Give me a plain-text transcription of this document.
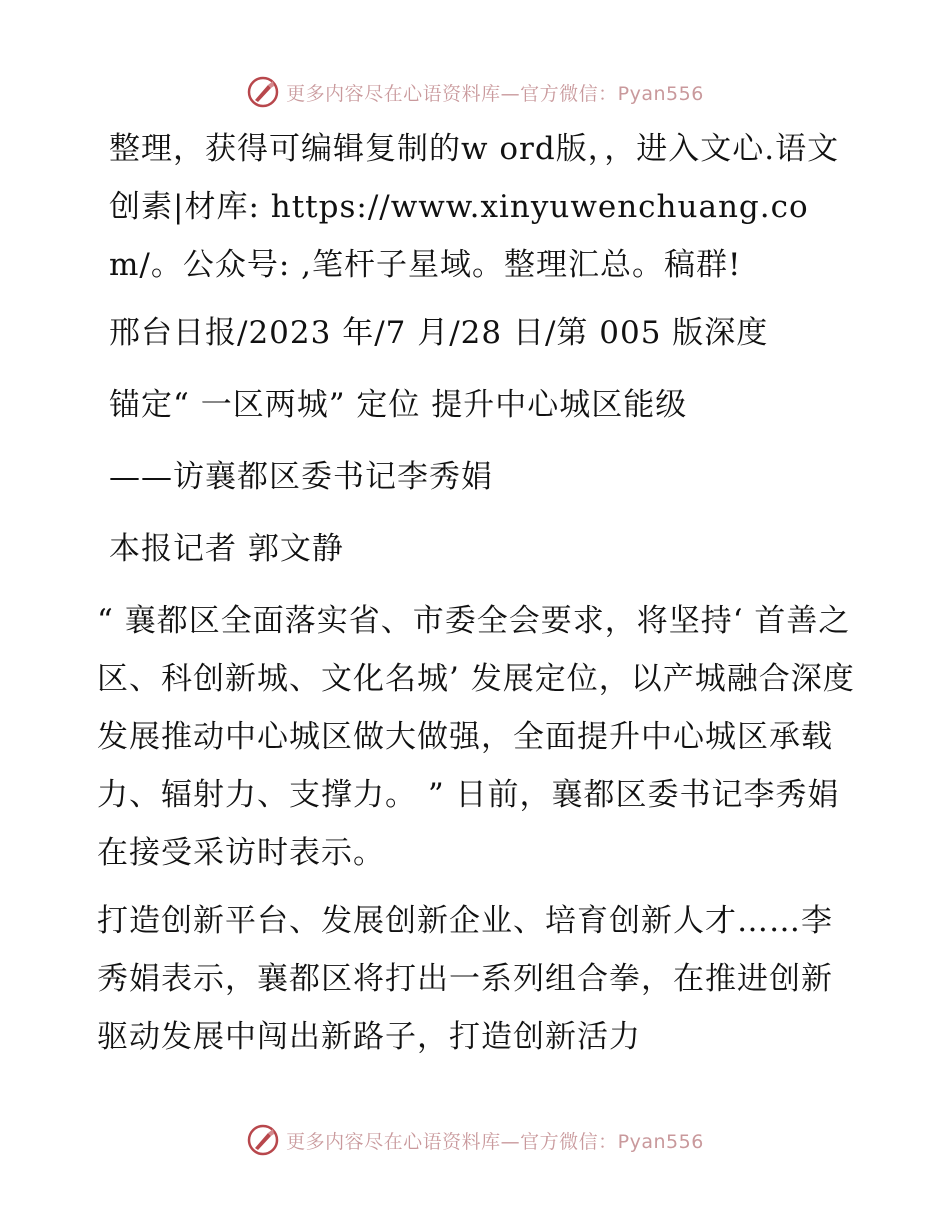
更多内容尽在心语资料库—官方微信：Pyan556

整理，获得可编辑复制的w ord版，，进入文心.语文创素|材库: https://www.xinyuwenchuang.com/。公众号: ,笔杆子星域。整理汇总。稿群!

邢台日报/2023 年/7 月/28 日/第 005 版深度

锚定“ 一区两城” 定位 提升中心城区能级

——访襄都区委书记李秀娟

本报记者 郭文静

“ 襄都区全面落实省、市委全会要求，将坚持‘ 首善之区、科创新城、文化名城’ 发展定位，以产城融合深度发展推动中心城区做大做强，全面提升中心城区承载力、辐射力、支撑力。 ” 日前，襄都区委书记李秀娟在接受采访时表示。

打造创新平台、发展创新企业、培育创新人才……李秀娟表示，襄都区将打出一系列组合拳，在推进创新驱动发展中闯出新路子，打造创新活力

更多内容尽在心语资料库—官方微信：Pyan556
